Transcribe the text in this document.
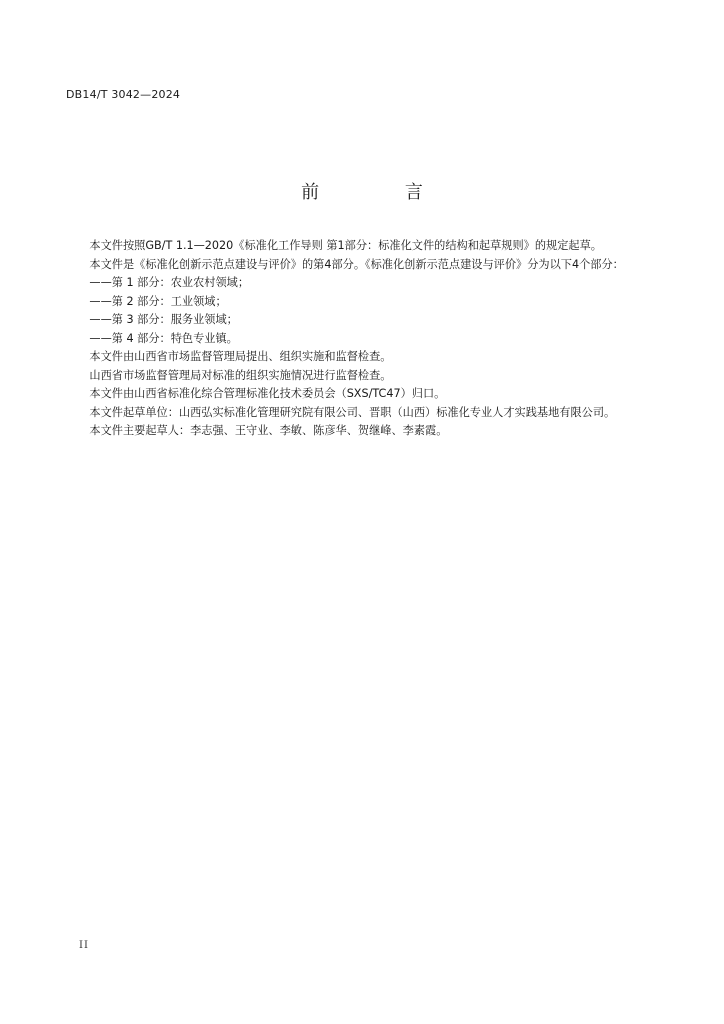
DB14/T 3042—2024
前 言

本文件按照GB/T 1.1—2020《标准化工作导则 第1部分：标准化文件的结构和起草规则》的规定起草。

本文件是《标准化创新示范点建设与评价》的第4部分。《标准化创新示范点建设与评价》分为以下4个部分：

——第 1 部分：农业农村领域；

——第 2 部分：工业领域；

——第 3 部分：服务业领域；

——第 4 部分：特色专业镇。

本文件由山西省市场监督管理局提出、组织实施和监督检查。

山西省市场监督管理局对标准的组织实施情况进行监督检查。

本文件由山西省标准化综合管理标准化技术委员会（SXS/TC47）归口。

本文件起草单位：山西弘实标准化管理研究院有限公司、晋职（山西）标准化专业人才实践基地有限公司。

本文件主要起草人：李志强、王守业、李敏、陈彦华、贺继峰、李素霞。

II
